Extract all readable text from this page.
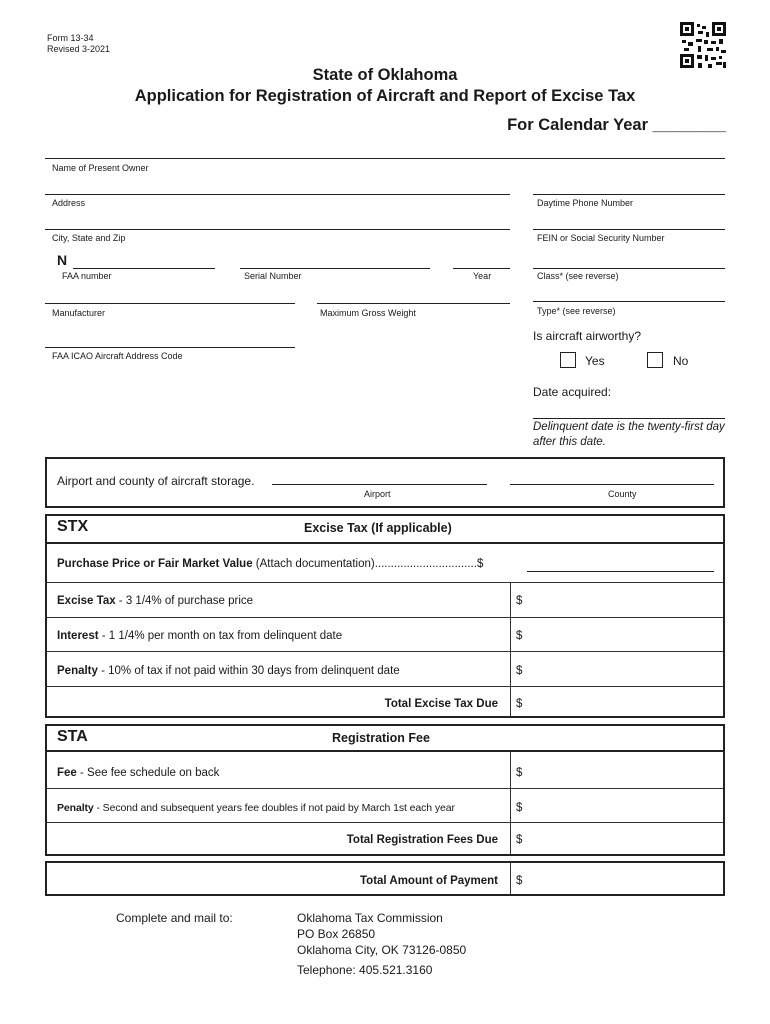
Form 13-34
Revised 3-2021
State of Oklahoma
Application for Registration of Aircraft and Report of Excise Tax
For Calendar Year ________
Name of Present Owner
Address	Daytime Phone Number
City, State and Zip	FEIN or Social Security Number
N
FAA number	Serial Number	Year	Class* (see reverse)
Manufacturer	Maximum Gross Weight	Type* (see reverse)
Is aircraft airworthy?
Yes	No
FAA ICAO Aircraft Address Code
Date acquired:
Delinquent date is the twenty-first day after this date.
Airport and county of aircraft storage.
Airport	County
STX	Excise Tax (If applicable)
Purchase Price or Fair Market Value (Attach documentation)................................$
Excise Tax - 3 1/4% of purchase price	$
Interest - 1 1/4% per month on tax from delinquent date	$
Penalty - 10% of tax if not paid within 30 days from delinquent date	$
Total Excise Tax Due $
STA	Registration Fee
Fee - See fee schedule on back	$
Penalty - Second and subsequent years fee doubles if not paid by March 1st each year	$
Total Registration Fees Due $
Total Amount of Payment $
Complete and mail to:	Oklahoma Tax Commission
PO Box 26850
Oklahoma City, OK 73126-0850
Telephone: 405.521.3160
